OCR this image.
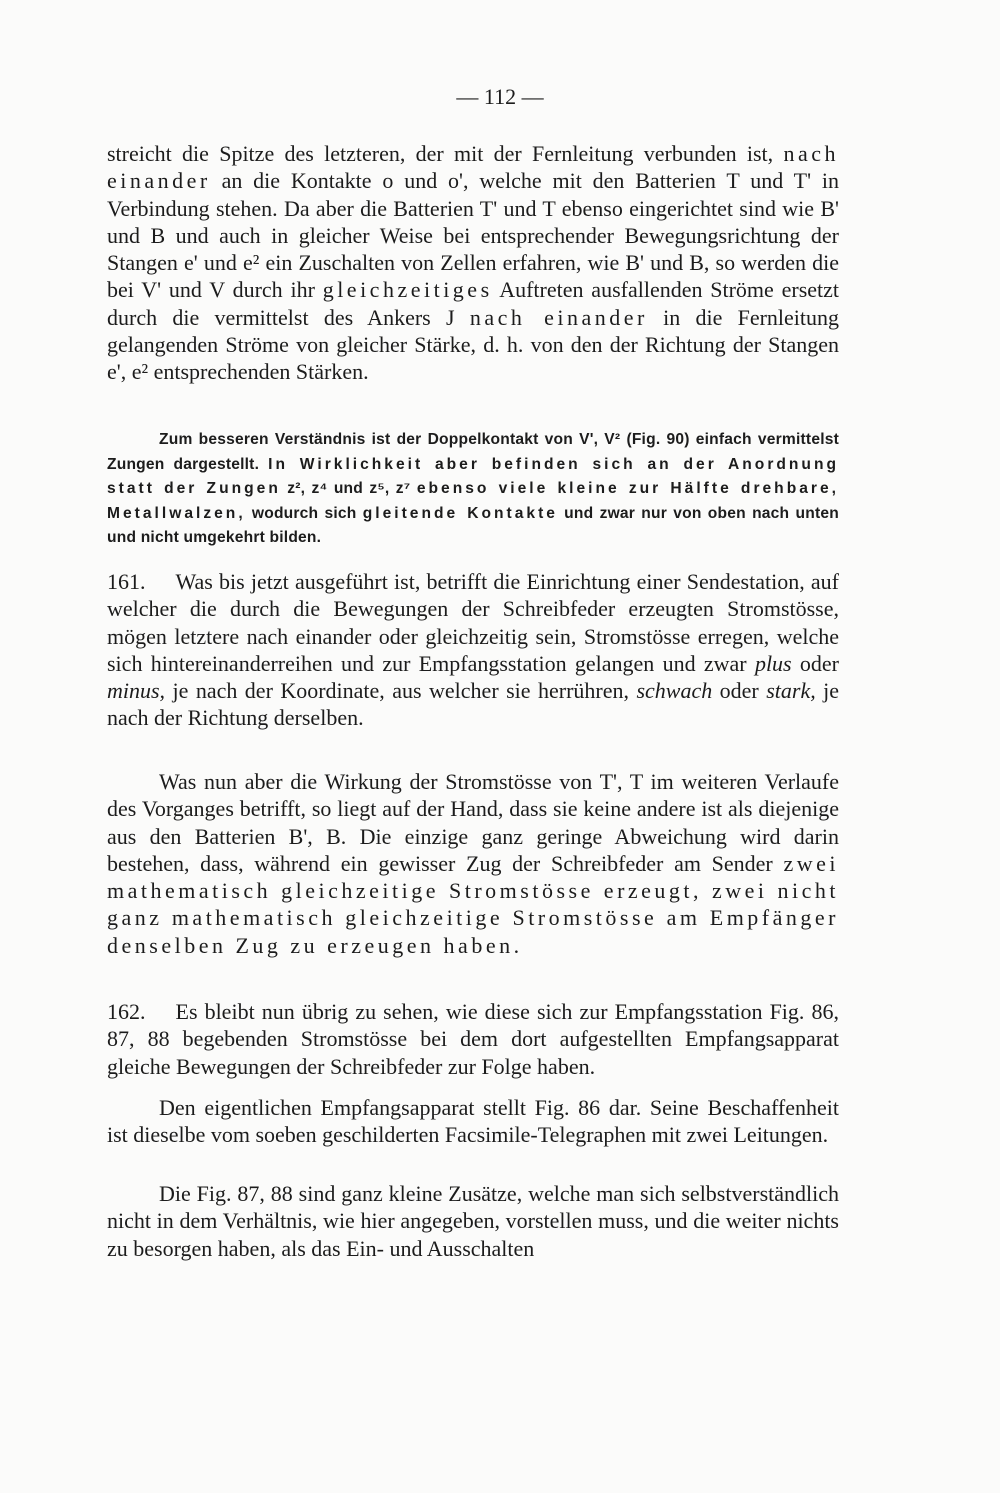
— 112 —

streicht die Spitze des letzteren, der mit der Fernleitung verbunden ist, nach einander an die Kontakte o und o', welche mit den Batterien T und T' in Verbindung stehen. Da aber die Batterien T' und T ebenso eingerichtet sind wie B' und B und auch in gleicher Weise bei entsprechender Bewegungsrichtung der Stangen e' und e² ein Zuschalten von Zellen erfahren, wie B' und B, so werden die bei V' und V durch ihr gleichzeitiges Auftreten ausfallenden Ströme ersetzt durch die vermittelst des Ankers J nach einander in die Fernleitung gelangenden Ströme von gleicher Stärke, d. h. von den der Richtung der Stangen e', e² entsprechenden Stärken.

Zum besseren Verständnis ist der Doppelkontakt von V', V² (Fig. 90) einfach vermittelst Zungen dargestellt. In Wirklichkeit aber befinden sich an der Anordnung statt der Zungen z², z⁴ und z⁵, z⁷ ebenso viele kleine zur Hälfte drehbare, Metallwalzen, wodurch sich gleitende Kontakte und zwar nur von oben nach unten und nicht umgekehrt bilden.

161. Was bis jetzt ausgeführt ist, betrifft die Einrichtung einer Sendestation, auf welcher die durch die Bewegungen der Schreibfeder erzeugten Stromstösse, mögen letztere nach einander oder gleichzeitig sein, Stromstösse erregen, welche sich hintereinanderreihen und zur Empfangsstation gelangen und zwar plus oder minus, je nach der Koordinate, aus welcher sie herrühren, schwach oder stark, je nach der Richtung derselben.

Was nun aber die Wirkung der Stromstösse von T', T im weiteren Verlaufe des Vorganges betrifft, so liegt auf der Hand, dass sie keine andere ist als diejenige aus den Batterien B', B. Die einzige ganz geringe Abweichung wird darin bestehen, dass, während ein gewisser Zug der Schreibfeder am Sender zwei mathematisch gleichzeitige Stromstösse erzeugt, zwei nicht ganz mathematisch gleichzeitige Stromstösse am Empfänger denselben Zug zu erzeugen haben.

162. Es bleibt nun übrig zu sehen, wie diese sich zur Empfangsstation Fig. 86, 87, 88 begebenden Stromstösse bei dem dort aufgestellten Empfangsapparat gleiche Bewegungen der Schreibfeder zur Folge haben.

Den eigentlichen Empfangsapparat stellt Fig. 86 dar. Seine Beschaffenheit ist dieselbe vom soeben geschilderten Facsimile-Telegraphen mit zwei Leitungen.

Die Fig. 87, 88 sind ganz kleine Zusätze, welche man sich selbstverständlich nicht in dem Verhältnis, wie hier angegeben, vorstellen muss, und die weiter nichts zu besorgen haben, als das Ein- und Ausschalten
